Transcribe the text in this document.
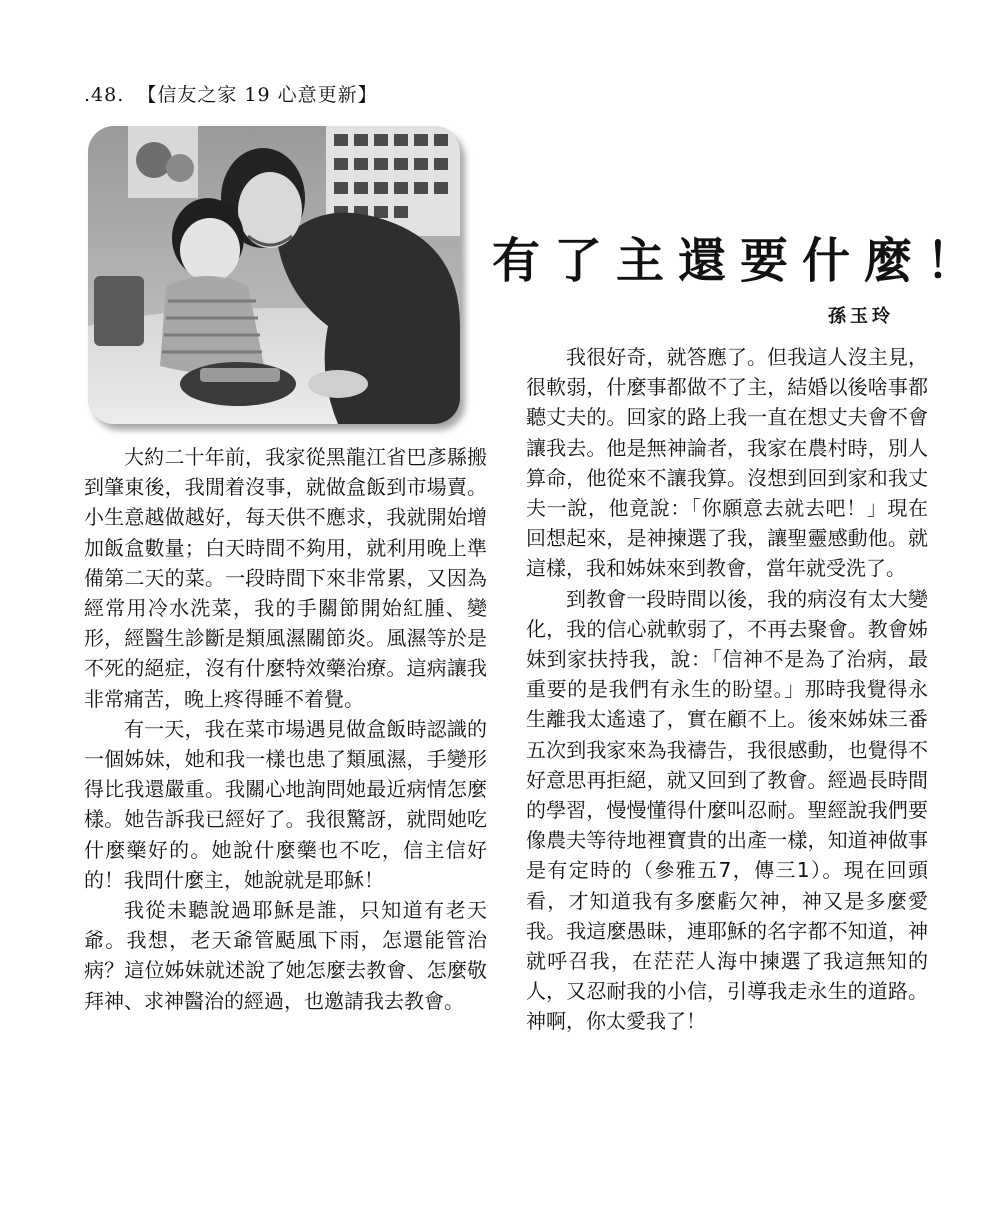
.48. 【信友之家 19 心意更新】
有了主還要什麼！
孫玉玲

大約二十年前，我家從黑龍江省巴彥縣搬到肇東後，我閒着沒事，就做盒飯到市場賣。小生意越做越好，每天供不應求，我就開始增加飯盒數量；白天時間不夠用，就利用晚上準備第二天的菜。一段時間下來非常累，又因為經常用冷水洗菜，我的手關節開始紅腫、變形，經醫生診斷是類風濕關節炎。風濕等於是不死的絕症，沒有什麼特效藥治療。這病讓我非常痛苦，晚上疼得睡不着覺。

有一天，我在菜市場遇見做盒飯時認識的一個姊妹，她和我一樣也患了類風濕，手變形得比我還嚴重。我關心地詢問她最近病情怎麼樣。她告訴我已經好了。我很驚訝，就問她吃什麼藥好的。她說什麼藥也不吃，信主信好的！我問什麼主，她說就是耶穌！

我從未聽說過耶穌是誰，只知道有老天爺。我想，老天爺管颳風下雨，怎還能管治病？這位姊妹就述說了她怎麼去教會、怎麼敬拜神、求神醫治的經過，也邀請我去教會。

我很好奇，就答應了。但我這人沒主見，很軟弱，什麼事都做不了主，結婚以後啥事都聽丈夫的。回家的路上我一直在想丈夫會不會讓我去。他是無神論者，我家在農村時，別人算命，他從來不讓我算。沒想到回到家和我丈夫一說，他竟說：「你願意去就去吧！」現在回想起來，是神揀選了我，讓聖靈感動他。就這樣，我和姊妹來到教會，當年就受洗了。

到教會一段時間以後，我的病沒有太大變化，我的信心就軟弱了，不再去聚會。教會姊妹到家扶持我，說：「信神不是為了治病，最重要的是我們有永生的盼望。」那時我覺得永生離我太遙遠了，實在顧不上。後來姊妹三番五次到我家來為我禱告，我很感動，也覺得不好意思再拒絕，就又回到了教會。經過長時間的學習，慢慢懂得什麼叫忍耐。聖經說我們要像農夫等待地裡寶貴的出產一樣，知道神做事是有定時的（參雅五7，傳三1）。現在回頭看，才知道我有多麼虧欠神，神又是多麼愛我。我這麼愚昧，連耶穌的名字都不知道，神就呼召我，在茫茫人海中揀選了我這無知的人，又忍耐我的小信，引導我走永生的道路。神啊，你太愛我了！
